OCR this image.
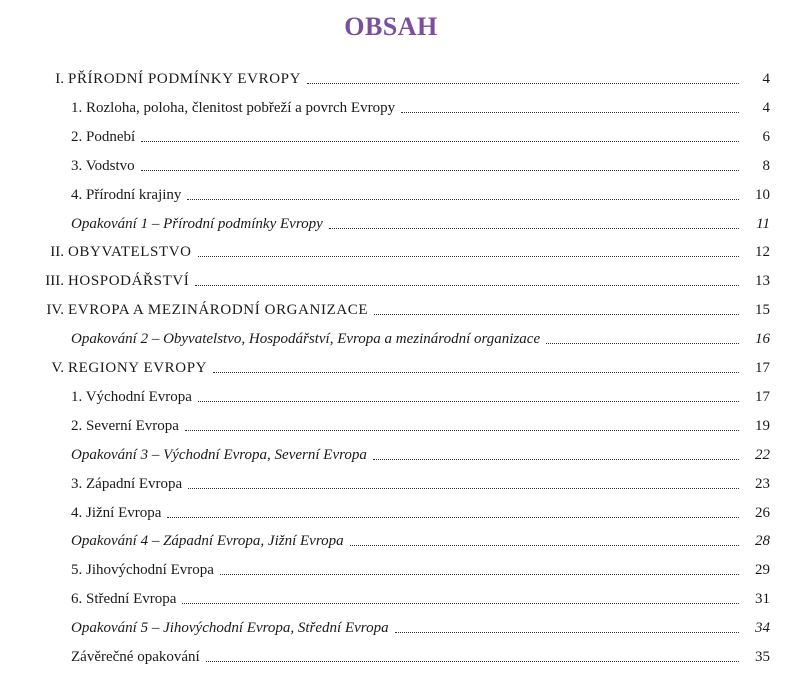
OBSAH
I. PŘÍRODNÍ PODMÍNKY EVROPY	4
1. Rozloha, poloha, členitost pobřeží a povrch Evropy	4
2. Podnebí	6
3. Vodstvo	8
4. Přírodní krajiny	10
Opakování 1 – Přírodní podmínky Evropy	11
II. OBYVATELSTVO	12
III. HOSPODÁŘSTVÍ	13
IV. EVROPA A MEZINÁRODNÍ ORGANIZACE	15
Opakování 2 – Obyvatelstvo, Hospodářství, Evropa a mezinárodní organizace	16
V. REGIONY EVROPY	17
1. Východní Evropa	17
2. Severní Evropa	19
Opakování 3 – Východní Evropa, Severní Evropa	22
3. Západní Evropa	23
4. Jižní Evropa	26
Opakování 4 – Západní Evropa, Jižní Evropa	28
5. Jihovýchodní Evropa	29
6. Střední Evropa	31
Opakování 5 – Jihovýchodní Evropa, Střední Evropa	34
Závěrečné opakování	35
